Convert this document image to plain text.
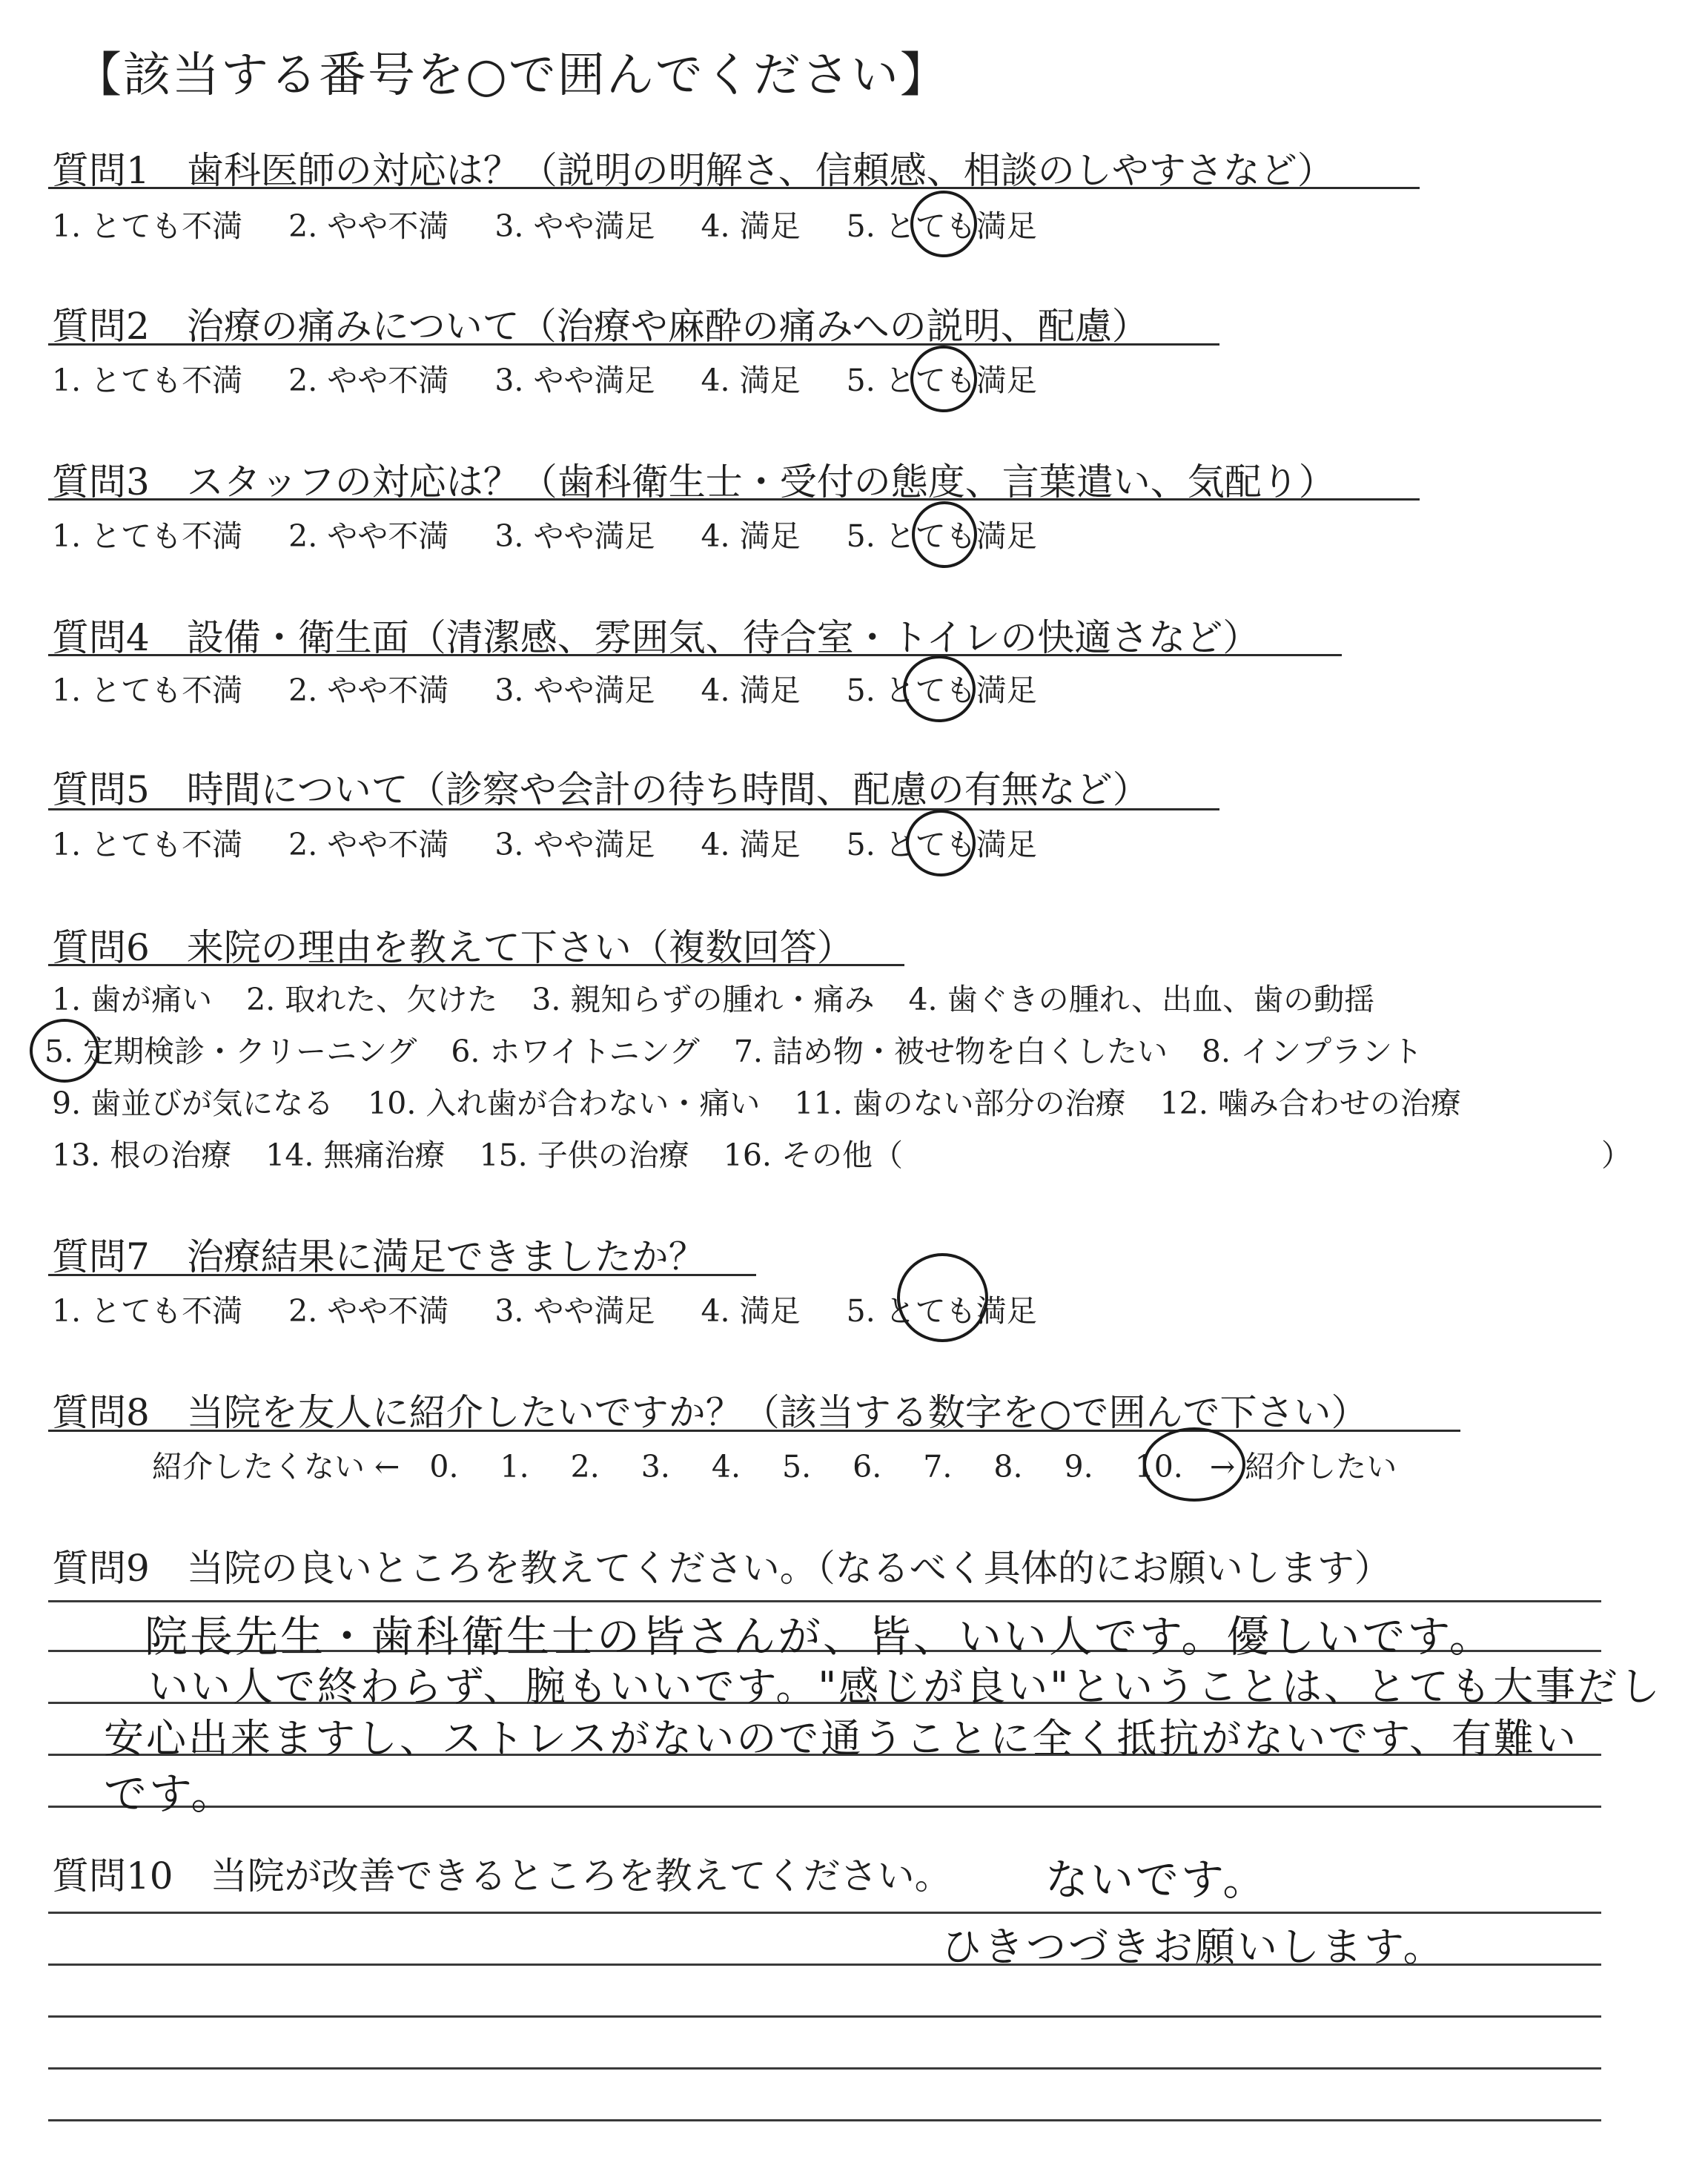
【該当する番号を○で囲んでください】
質問1　歯科医師の対応は？（説明の明解さ、信頼感、相談のしやすさなど）
1. とても不満 2. やや不満 3. やや満足 4. 満足 5. とても満足
質問2　治療の痛みについて（治療や麻酔の痛みへの説明、配慮）
1. とても不満 2. やや不満 3. やや満足 4. 満足 5. とても満足
質問3　スタッフの対応は？（歯科衛生士・受付の態度、言葉遣い、気配り）
1. とても不満 2. やや不満 3. やや満足 4. 満足 5. とても満足
質問4　設備・衛生面（清潔感、雰囲気、待合室・トイレの快適さなど）
1. とても不満 2. やや不満 3. やや満足 4. 満足 5. とても満足
質問5　時間について（診察や会計の待ち時間、配慮の有無など）
1. とても不満 2. やや不満 3. やや満足 4. 満足 5. とても満足
質問6　来院の理由を教えて下さい（複数回答）
1. 歯が痛い 2. 取れた、欠けた 3. 親知らずの腫れ・痛み 4. 歯ぐきの腫れ、出血、歯の動揺
5. 定期検診・クリーニング 6. ホワイトニング 7. 詰め物・被せ物を白くしたい 8. インプラント
9. 歯並びが気になる 10. 入れ歯が合わない・痛い 11. 歯のない部分の治療 12. 噛み合わせの治療
13. 根の治療 14. 無痛治療 15. 子供の治療 16. その他（	）
質問7　治療結果に満足できましたか？
1. とても不満 2. やや不満 3. やや満足 4. 満足 5. とても満足
質問8　当院を友人に紹介したいですか？（該当する数字を○で囲んで下さい）
紹介したくない ← 0. 1. 2. 3. 4. 5. 6. 7. 8. 9. 10. → 紹介したい
質問9　当院の良いところを教えてください。（なるべく具体的にお願いします）
院長先生・歯科衛生士の皆さんが、皆、いい人です。優しいです。
いい人で終わらず、腕もいいです。"感じが良い"ということは、とても大事だし
安心出来ますし、ストレスがないので通うことに全く抵抗がないです、有難い
です。
質問10　当院が改善できるところを教えてください。 ないです。
ひきつづきお願いします。
